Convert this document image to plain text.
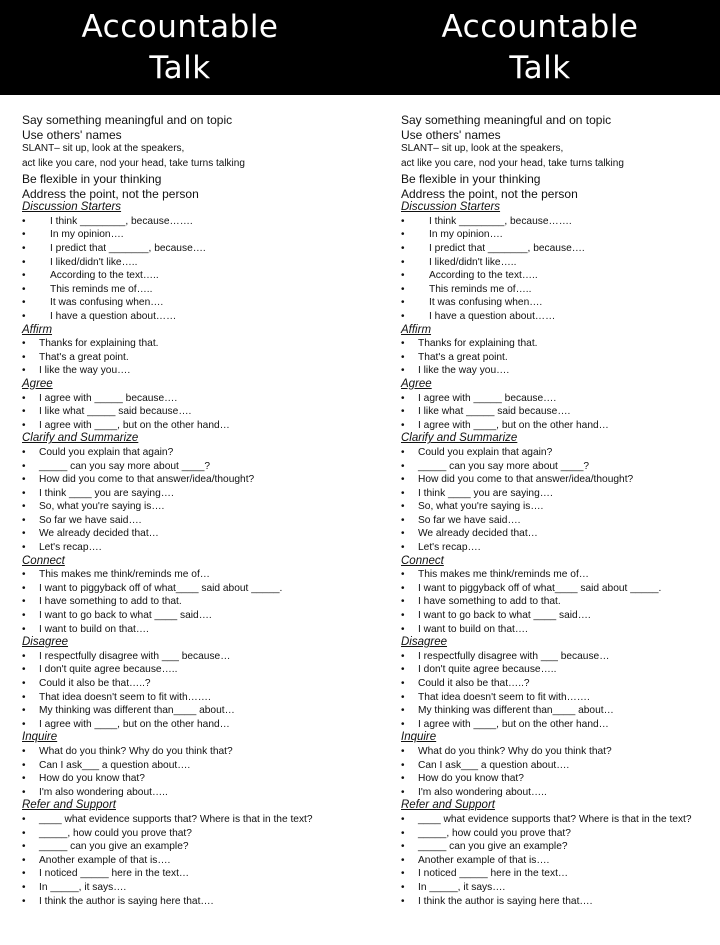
Accountable
Talk

Say something meaningful and on topic

Use others' names

SLANT– sit up, look at the speakers,

act like you care, nod your head, take turns talking

Be flexible in your thinking

Address the point, not the person

Discussion Starters
• I think ________, because…….
• In my opinion….
• I predict that _______, because….
• I liked/didn't like…..
• According to the text…..
• This reminds me of…..
• It was confusing when….
• I have a question about……
Affirm
• Thanks for explaining that.
• That's a great point.
• I like the way you….
Agree
• I agree with _____ because….
• I like what _____ said because….
• I agree with ____, but on the other hand…
Clarify and Summarize
• Could you explain that again?
• _____ can you say more about ____?
• How did you come to that answer/idea/thought?
• I think ____ you are saying….
• So, what you're saying is….
• So far we have said….
• We already decided that…
• Let's recap….
Connect
• This makes me think/reminds me of…
• I want to piggyback off of what____ said about _____.
• I have something to add to that.
• I want to go back to what ____ said….
• I want to build on that….
Disagree
• I respectfully disagree with ___ because…
• I don't quite agree because…..
• Could it also be that…..?
• That idea doesn't seem to fit with…….
• My thinking was different than____ about…
• I agree with ____, but on the other hand…
Inquire
• What do you think? Why do you think that?
• Can I ask___ a question about….
• How do you know that?
• I'm also wondering about…..
Refer and Support
• ____ what evidence supports that? Where is that in the text?
• _____, how could you prove that?
• _____ can you give an example?
• Another example of that is….
• I noticed _____ here in the text…
• In _____, it says….
• I think the author is saying here that….
Accountable
Talk

Say something meaningful and on topic

Use others' names

SLANT– sit up, look at the speakers,

act like you care, nod your head, take turns talking

Be flexible in your thinking

Address the point, not the person

Discussion Starters
• I think ________, because…….
• In my opinion….
• I predict that _______, because….
• I liked/didn't like…..
• According to the text…..
• This reminds me of…..
• It was confusing when….
• I have a question about……
Affirm
• Thanks for explaining that.
• That's a great point.
• I like the way you….
Agree
• I agree with _____ because….
• I like what _____ said because….
• I agree with ____, but on the other hand…
Clarify and Summarize
• Could you explain that again?
• _____ can you say more about ____?
• How did you come to that answer/idea/thought?
• I think ____ you are saying….
• So, what you're saying is….
• So far we have said….
• We already decided that…
• Let's recap….
Connect
• This makes me think/reminds me of…
• I want to piggyback off of what____ said about _____.
• I have something to add to that.
• I want to go back to what ____ said….
• I want to build on that….
Disagree
• I respectfully disagree with ___ because…
• I don't quite agree because…..
• Could it also be that…..?
• That idea doesn't seem to fit with…….
• My thinking was different than____ about…
• I agree with ____, but on the other hand…
Inquire
• What do you think? Why do you think that?
• Can I ask___ a question about….
• How do you know that?
• I'm also wondering about…..
Refer and Support
• ____ what evidence supports that? Where is that in the text?
• _____, how could you prove that?
• _____ can you give an example?
• Another example of that is….
• I noticed _____ here in the text…
• In _____, it says….
• I think the author is saying here that….
